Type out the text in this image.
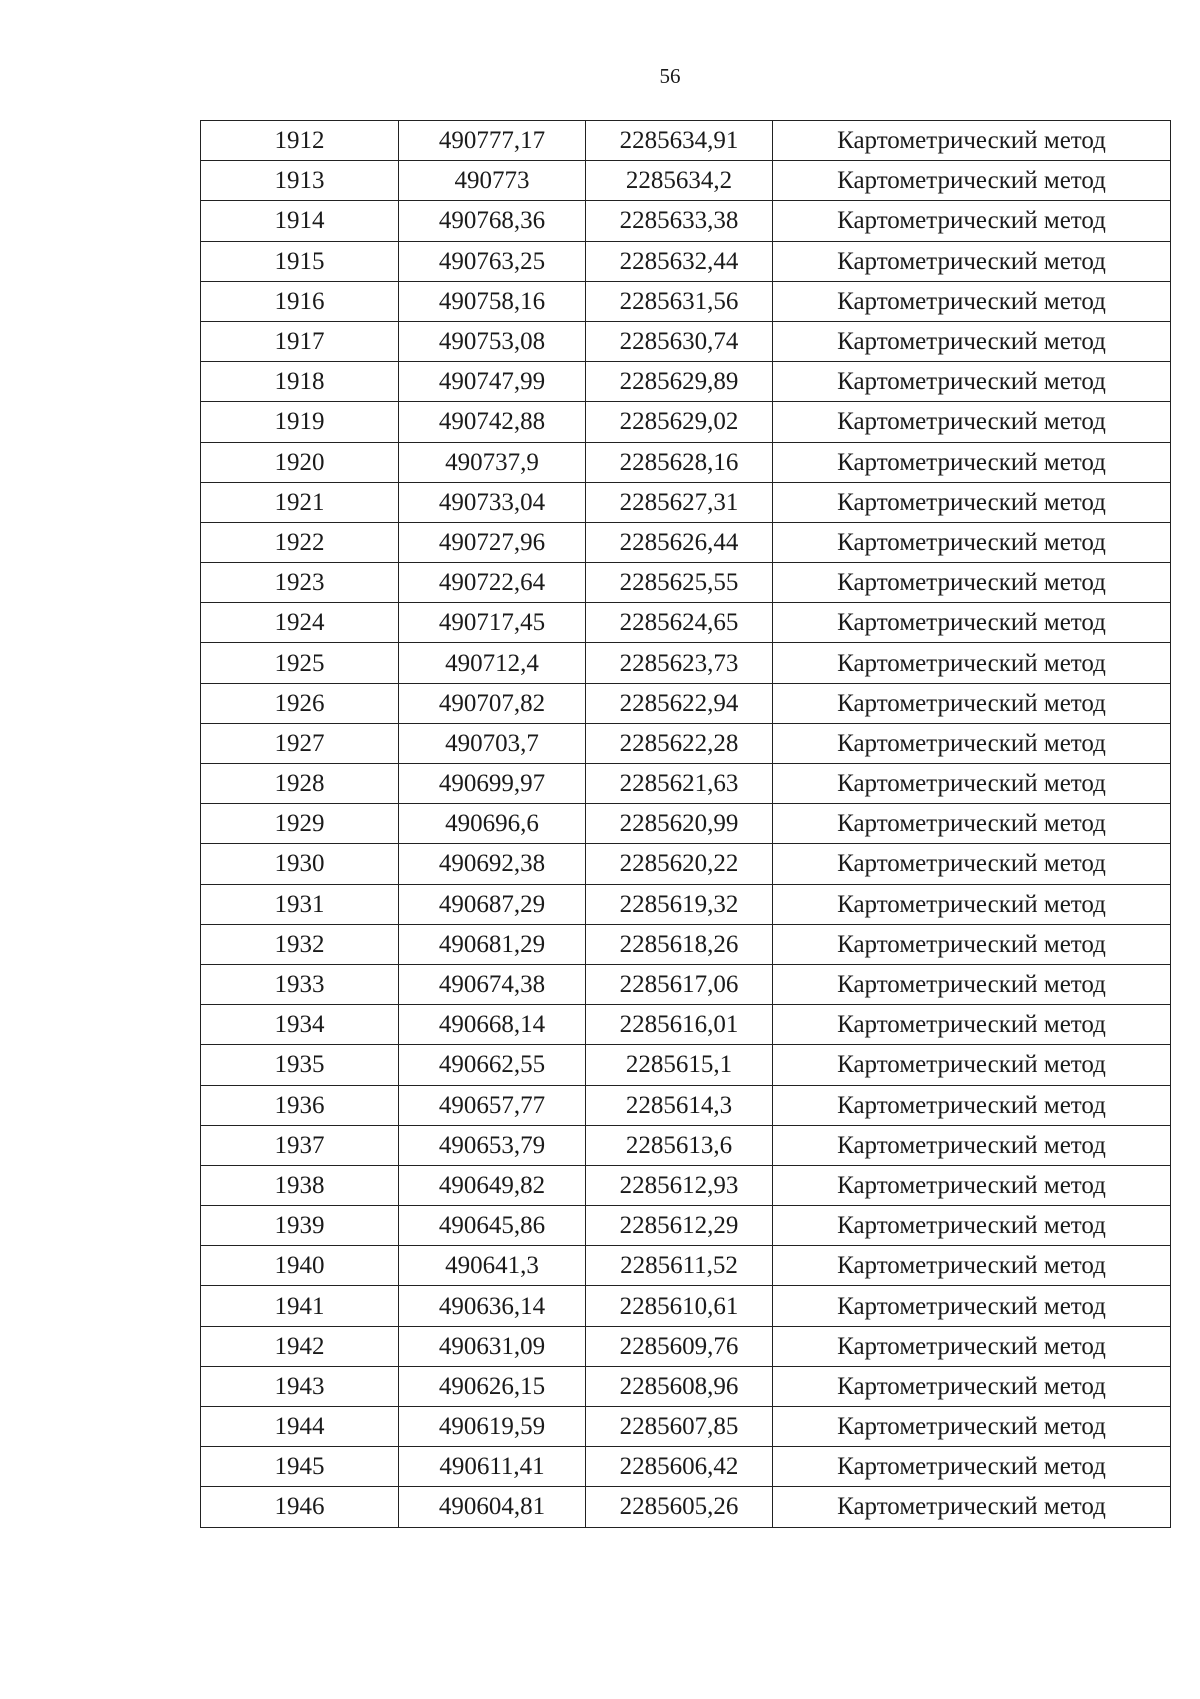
56
1912	490777,17	2285634,91	Картометрический метод
1913	490773	2285634,2	Картометрический метод
1914	490768,36	2285633,38	Картометрический метод
1915	490763,25	2285632,44	Картометрический метод
1916	490758,16	2285631,56	Картометрический метод
1917	490753,08	2285630,74	Картометрический метод
1918	490747,99	2285629,89	Картометрический метод
1919	490742,88	2285629,02	Картометрический метод
1920	490737,9	2285628,16	Картометрический метод
1921	490733,04	2285627,31	Картометрический метод
1922	490727,96	2285626,44	Картометрический метод
1923	490722,64	2285625,55	Картометрический метод
1924	490717,45	2285624,65	Картометрический метод
1925	490712,4	2285623,73	Картометрический метод
1926	490707,82	2285622,94	Картометрический метод
1927	490703,7	2285622,28	Картометрический метод
1928	490699,97	2285621,63	Картометрический метод
1929	490696,6	2285620,99	Картометрический метод
1930	490692,38	2285620,22	Картометрический метод
1931	490687,29	2285619,32	Картометрический метод
1932	490681,29	2285618,26	Картометрический метод
1933	490674,38	2285617,06	Картометрический метод
1934	490668,14	2285616,01	Картометрический метод
1935	490662,55	2285615,1	Картометрический метод
1936	490657,77	2285614,3	Картометрический метод
1937	490653,79	2285613,6	Картометрический метод
1938	490649,82	2285612,93	Картометрический метод
1939	490645,86	2285612,29	Картометрический метод
1940	490641,3	2285611,52	Картометрический метод
1941	490636,14	2285610,61	Картометрический метод
1942	490631,09	2285609,76	Картометрический метод
1943	490626,15	2285608,96	Картометрический метод
1944	490619,59	2285607,85	Картометрический метод
1945	490611,41	2285606,42	Картометрический метод
1946	490604,81	2285605,26	Картометрический метод
